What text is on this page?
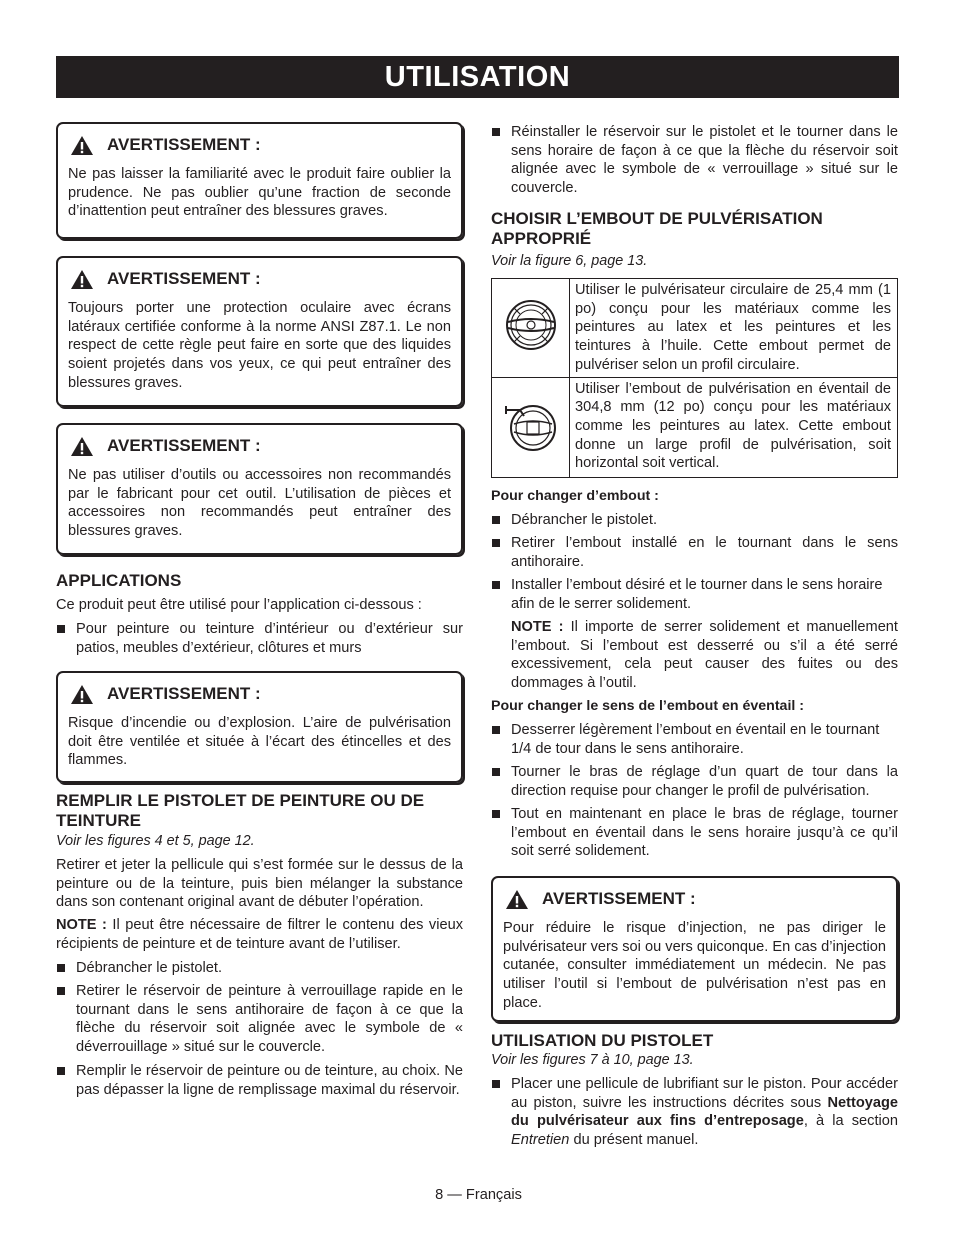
UTILISATION
AVERTISSEMENT :
Ne pas laisser la familiarité avec le produit faire oublier la prudence. Ne pas oublier qu’une fraction de seconde d’inattention peut entraîner des blessures graves.
AVERTISSEMENT :
Toujours porter une protection oculaire avec écrans latéraux certifiée conforme à la norme ANSI Z87.1. Le non respect de cette règle peut faire en sorte que des liquides soient projetés dans vos yeux, ce qui peut entraîner des blessures graves.
AVERTISSEMENT :
Ne pas utiliser d’outils ou accessoires non recommandés par le fabricant pour cet outil. L’utilisation de pièces et accessoires non recommandés peut entraîner des blessures graves.
APPLICATIONS
Ce produit peut être utilisé pour l’application ci-dessous :
Pour peinture ou teinture d’intérieur ou d’extérieur sur patios, meubles d’extérieur, clôtures et murs
AVERTISSEMENT :
Risque d’incendie ou d’explosion. L’aire de pulvérisation doit être ventilée et située à l’écart des étincelles et des flammes.
REMPLIR LE PISTOLET DE PEINTURE OU DE TEINTURE
Voir les figures 4 et 5, page 12.
Retirer et jeter la pellicule qui s’est formée sur le dessus de la peinture ou de la teinture, puis bien mélanger la substance dans son contenant original avant de débuter l’opération.
NOTE : Il peut être nécessaire de filtrer le contenu des vieux récipients de peinture et de teinture avant de l’utiliser.
Débrancher le pistolet.
Retirer le réservoir de peinture à verrouillage rapide en le tournant dans le sens antihoraire de façon à ce que la flèche du réservoir soit alignée avec le symbole de « déverrouillage » situé sur le couvercle.
Remplir le réservoir de peinture ou de teinture, au choix. Ne pas dépasser la ligne de remplissage maximal du réservoir.
Réinstaller le réservoir sur le pistolet et le tourner dans le sens horaire de façon à ce que la flèche du réservoir soit alignée avec le symbole de « verrouillage » situé sur le couvercle.
CHOISIR L’EMBOUT DE PULVÉRISATION APPROPRIÉ
Voir la figure 6, page 13.
	Utiliser le pulvérisateur circulaire de 25,4 mm (1 po) conçu pour les matériaux comme les peintures au latex et les peintures et les teintures à l’huile. Cette embout permet de pulvériser selon un profil circulaire.
	Utiliser l’embout de pulvérisation en éventail de 304,8 mm (12 po) conçu pour les matériaux comme les peintures au latex. Cette embout donne un large profil de pulvérisation, soit horizontal soit vertical.
Pour changer d’embout :
Débrancher le pistolet.
Retirer l’embout installé en le tournant dans le sens antihoraire.
Installer l’embout désiré et le tourner dans le sens horaire afin de le serrer solidement.
NOTE : Il importe de serrer solidement et manuellement l’embout. Si l’embout est desserré ou s’il a été serré excessivement, cela peut causer des fuites ou des dommages à l’outil.
Pour changer le sens de l’embout en éventail :
Desserrer légèrement l’embout en éventail en le tournant 1/4 de tour dans le sens antihoraire.
Tourner le bras de réglage d’un quart de tour dans la direction requise pour changer le profil de pulvérisation.
Tout en maintenant en place le bras de réglage, tourner l’embout en éventail dans le sens horaire jusqu’à ce qu’il soit serré solidement.
AVERTISSEMENT :
Pour réduire le risque d’injection, ne pas diriger le pulvérisateur vers soi ou vers quiconque. En cas d’injection cutanée, consulter immédiatement un médecin. Ne pas utiliser l’outil si l’embout de pulvérisation n’est pas en place.
UTILISATION DU PISTOLET
Voir les figures 7 à 10, page 13.
Placer une pellicule de lubrifiant sur le piston. Pour accéder au piston, suivre les instructions décrites sous Nettoyage du pulvérisateur aux fins d’entreposage, à la section Entretien du présent manuel.
8 — Français
